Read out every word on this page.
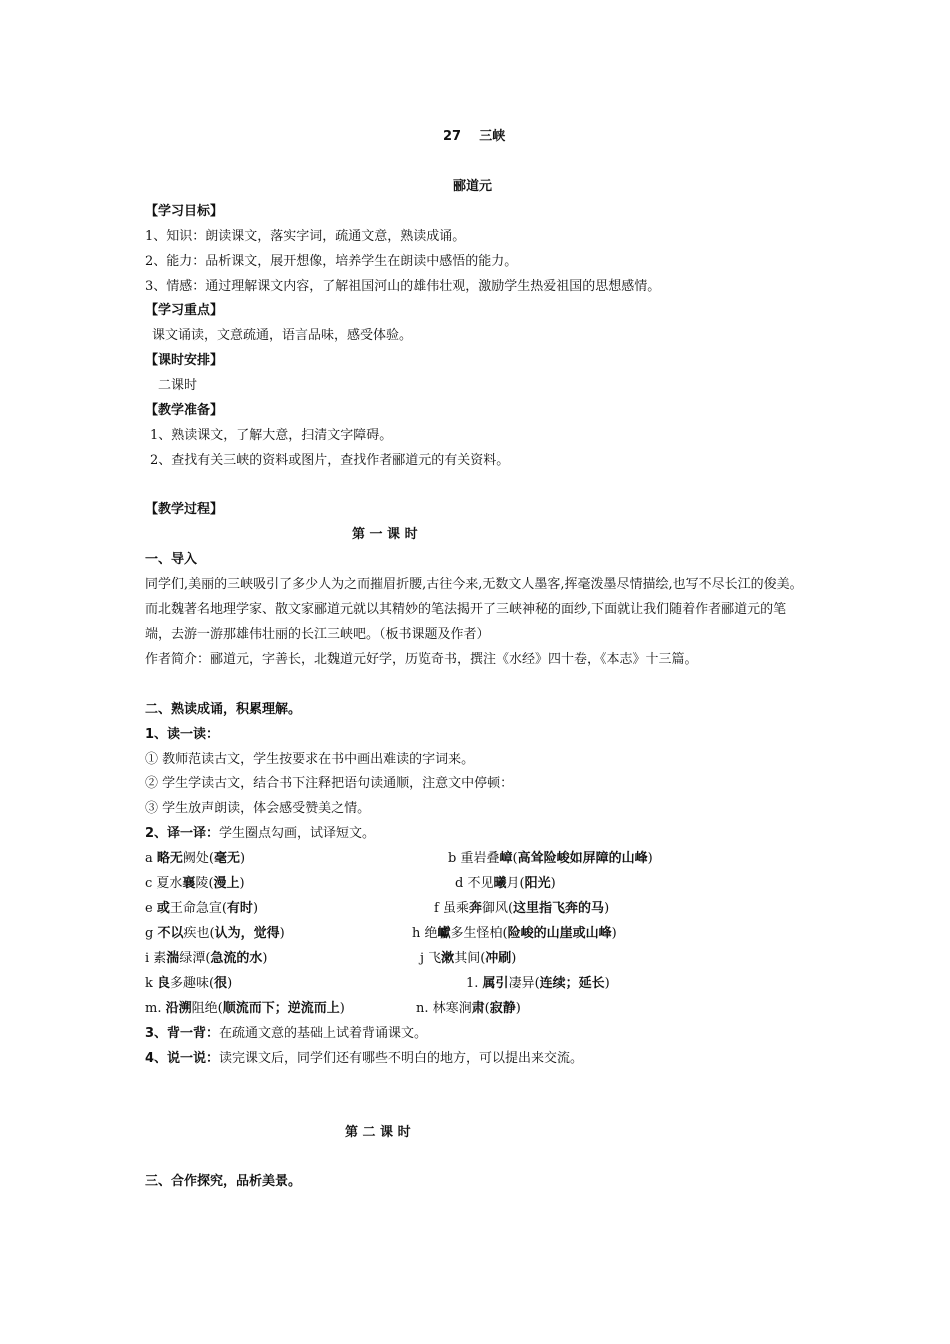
27 三峡
郦道元
【学习目标】
1、知识：朗读课文，落实字词，疏通文意，熟读成诵。
2、能力：品析课文，展开想像，培养学生在朗读中感悟的能力。
3、情感：通过理解课文内容，了解祖国河山的雄伟壮观，激励学生热爱祖国的思想感情。
【学习重点】
课文诵读，文意疏通，语言品味，感受体验。
【课时安排】
二课时
【教学准备】
1、熟读课文，了解大意，扫清文字障碍。
2、查找有关三峡的资料或图片，查找作者郦道元的有关资料。
【教学过程】
第 一 课 时
一、导入
同学们,美丽的三峡吸引了多少人为之而摧眉折腰,古往今来,无数文人墨客,挥毫泼墨尽情描绘,也写不尽长江的俊美。而北魏著名地理学家、散文家郦道元就以其精妙的笔法揭开了三峡神秘的面纱,下面就让我们随着作者郦道元的笔端，去游一游那雄伟壮丽的长江三峡吧。（板书课题及作者）
作者简介：郦道元，字善长，北魏道元好学，历览奇书，撰注《水经》四十卷，《本志》十三篇。
二、熟读成诵，积累理解。
1、读一读：
① 教师范读古文，学生按要求在书中画出难读的字词来。
② 学生学读古文，结合书下注释把语句读通顺，注意文中停顿：
③ 学生放声朗读，体会感受赞美之情。
2、译一译：学生圈点勾画，试译短文。
a 略无阙处(毫无)	b 重岩叠嶂(高耸险峻如屏障的山峰)
c 夏水襄陵(漫上)	d 不见曦月(阳光)
e 或王命急宣(有时)	f 虽乘奔御风(这里指飞奔的马)
g 不以疾也(认为，觉得)	h 绝巘多生怪柏(险峻的山崖或山峰)
i 素湍绿潭(急流的水)	j 飞漱其间(冲刷)
k 良多趣味(很)	1. 属引凄异(连续；延长)
m. 沿溯阻绝(顺流而下；逆流而上)	n. 林寒涧肃(寂静)
3、背一背：在疏通文意的基础上试着背诵课文。
4、说一说：读完课文后，同学们还有哪些不明白的地方，可以提出来交流。
第 二 课 时
三、合作探究，品析美景。
